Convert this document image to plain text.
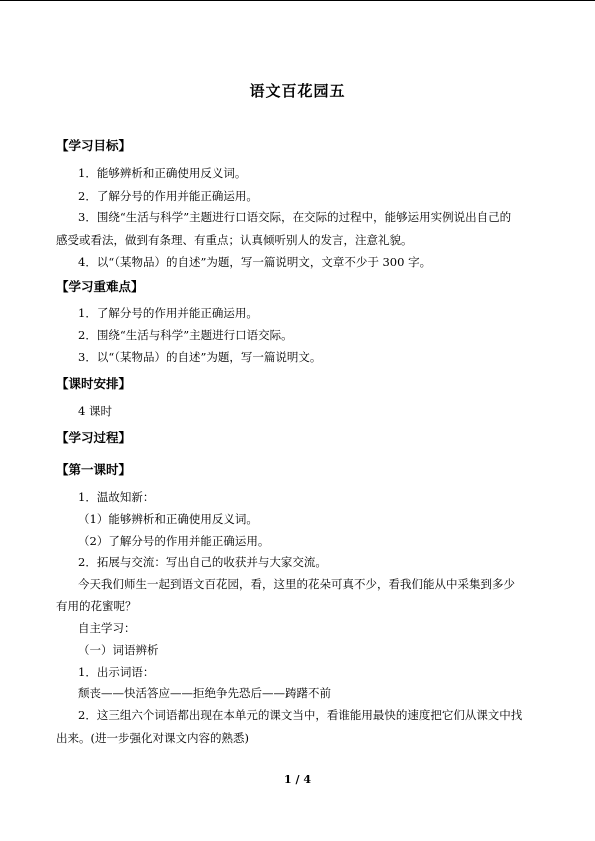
语文百花园五
【学习目标】
1．能够辨析和正确使用反义词。
2．了解分号的作用并能正确运用。
3．围绕“生活与科学”主题进行口语交际，在交际的过程中，能够运用实例说出自己的
感受或看法，做到有条理、有重点；认真倾听别人的发言，注意礼貌。
4．以“（某物品）的自述”为题，写一篇说明文，文章不少于 300 字。
【学习重难点】
1．了解分号的作用并能正确运用。
2．围绕“生活与科学”主题进行口语交际。
3．以“（某物品）的自述”为题，写一篇说明文。
【课时安排】
4 课时
【学习过程】
【第一课时】
1．温故知新：
（1）能够辨析和正确使用反义词。
（2）了解分号的作用并能正确运用。
2．拓展与交流：写出自己的收获并与大家交流。
今天我们师生一起到语文百花园，看，这里的花朵可真不少，看我们能从中采集到多少
有用的花蜜呢？
自主学习：
（一）词语辨析
1．出示词语：
颓丧——快活答应——拒绝争先恐后——踌躇不前
2．这三组六个词语都出现在本单元的课文当中，看谁能用最快的速度把它们从课文中找
出来。(进一步强化对课文内容的熟悉)
1 / 4
